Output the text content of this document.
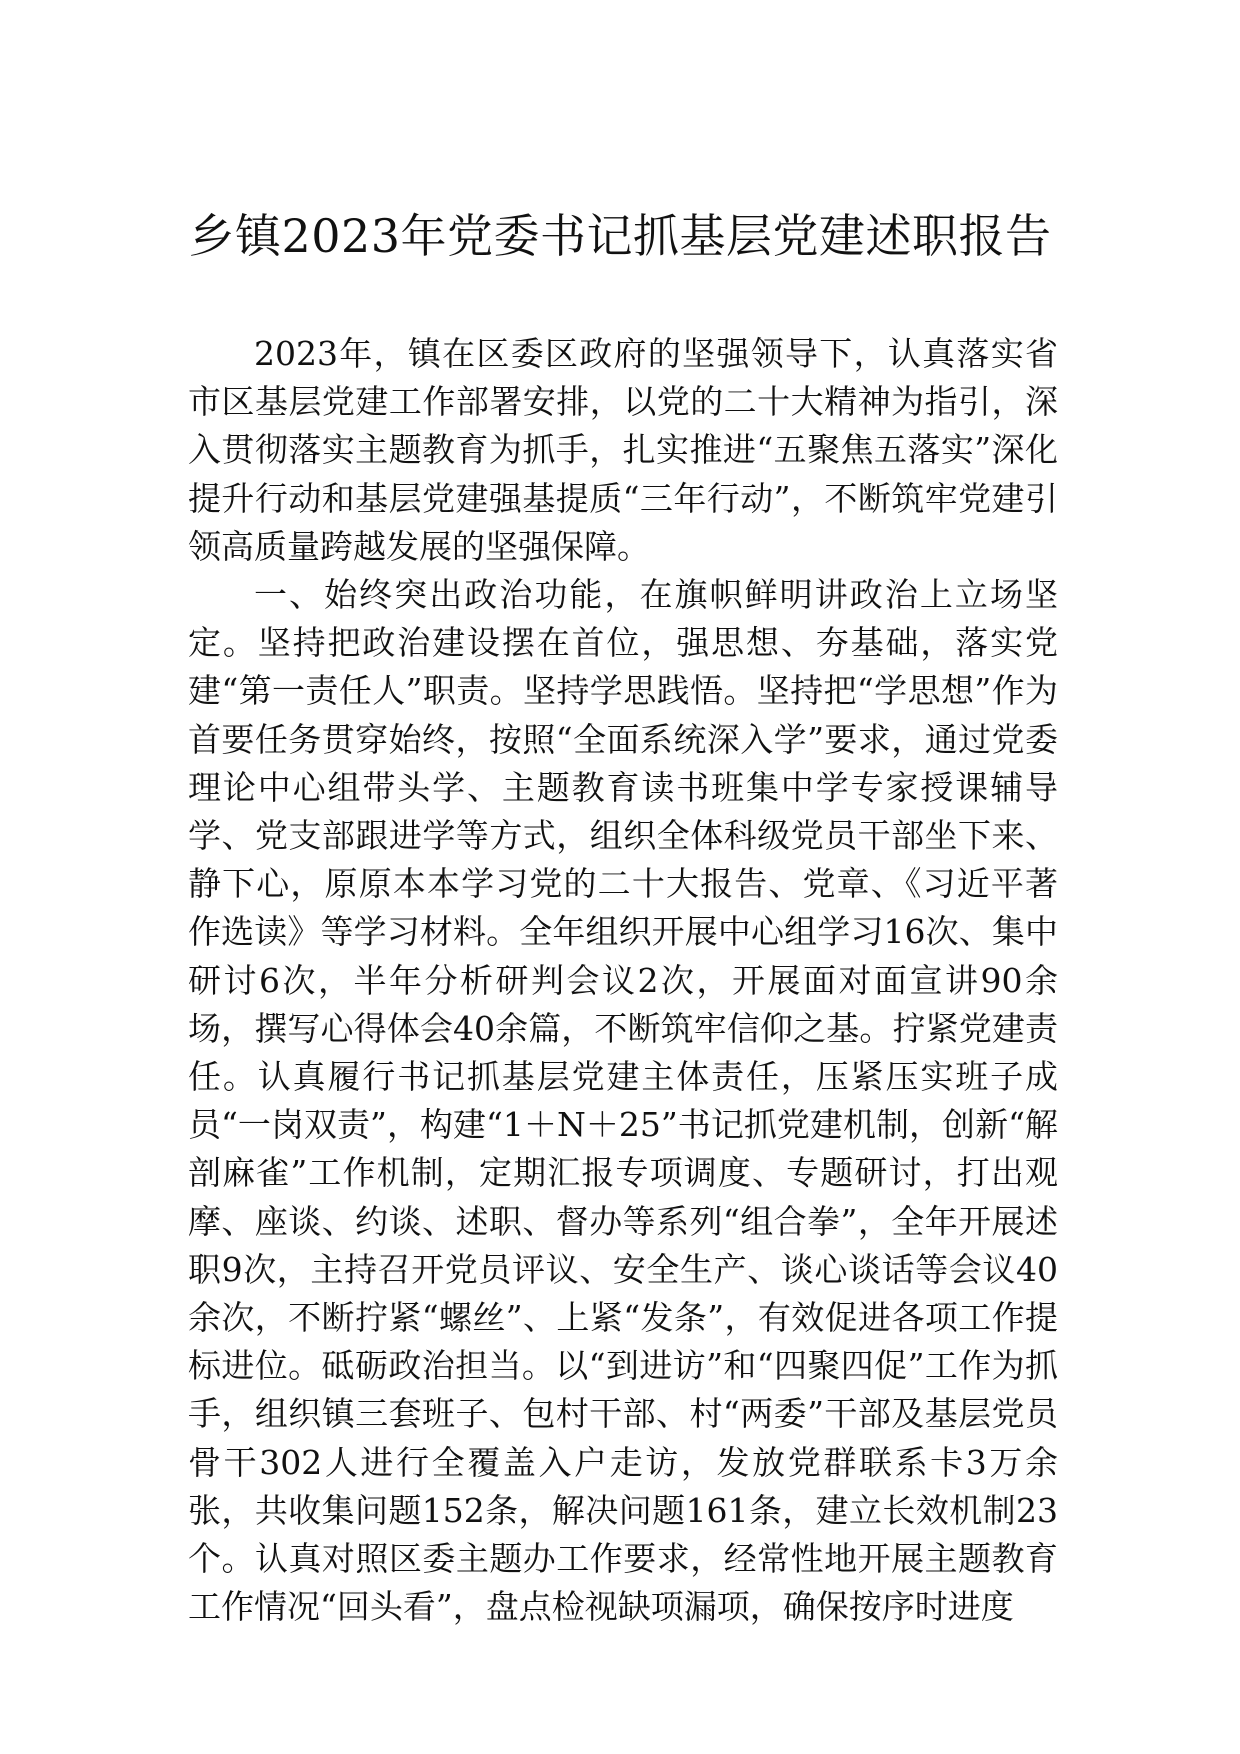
乡镇2023年党委书记抓基层党建述职报告

2023年，镇在区委区政府的坚强领导下，认真落实省市区基层党建工作部署安排，以党的二十大精神为指引，深入贯彻落实主题教育为抓手，扎实推进“五聚焦五落实”深化提升行动和基层党建强基提质“三年行动”，不断筑牢党建引领高质量跨越发展的坚强保障。

一、始终突出政治功能，在旗帜鲜明讲政治上立场坚定。坚持把政治建设摆在首位，强思想、夯基础，落实党建“第一责任人”职责。坚持学思践悟。坚持把“学思想”作为首要任务贯穿始终，按照“全面系统深入学”要求，通过党委理论中心组带头学、主题教育读书班集中学专家授课辅导学、党支部跟进学等方式，组织全体科级党员干部坐下来、静下心，原原本本学习党的二十大报告、党章、《习近平著作选读》等学习材料。全年组织开展中心组学习16次、集中研讨6次，半年分析研判会议2次，开展面对面宣讲90余场，撰写心得体会40余篇，不断筑牢信仰之基。拧紧党建责任。认真履行书记抓基层党建主体责任，压紧压实班子成员“一岗双责”，构建“1＋N＋25”书记抓党建机制，创新“解剖麻雀”工作机制，定期汇报专项调度、专题研讨，打出观摩、座谈、约谈、述职、督办等系列“组合拳”，全年开展述职9次，主持召开党员评议、安全生产、谈心谈话等会议40余次，不断拧紧“螺丝”、上紧“发条”，有效促进各项工作提标进位。砥砺政治担当。以“到进访”和“四聚四促”工作为抓手，组织镇三套班子、包村干部、村“两委”干部及基层党员骨干302人进行全覆盖入户走访，发放党群联系卡3万余张，共收集问题152条，解决问题161条，建立长效机制23个。认真对照区委主题办工作要求，经常性地开展主题教育工作情况“回头看”，盘点检视缺项漏项，确保按序时进度
